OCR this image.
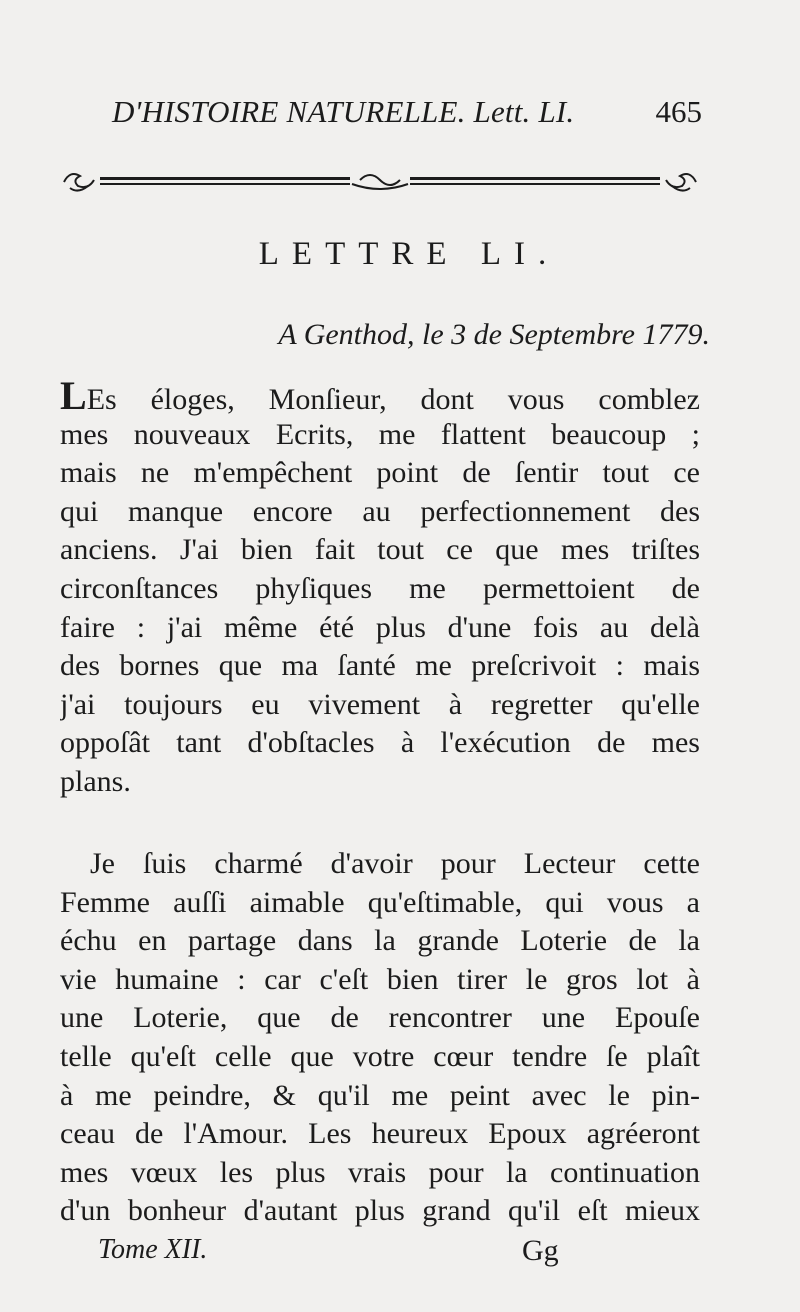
D'HISTOIRE NATURELLE. Lett. LI.	465
LETTRE LI.
A Genthod, le 3 de Septembre 1779.
LEs éloges, Monſieur, dont vous comblez
mes nouveaux Ecrits, me flattent beaucoup ;
mais ne m'empêchent point de ſentir tout ce
qui manque encore au perfectionnement des
anciens. J'ai bien fait tout ce que mes triſtes
circonſtances phyſiques me permettoient de
faire : j'ai même été plus d'une fois au delà
des bornes que ma ſanté me preſcrivoit : mais
j'ai toujours eu vivement à regretter qu'elle
oppoſât tant d'obſtacles à l'exécution de mes
plans.
Je ſuis charmé d'avoir pour Lecteur cette
Femme auſſi aimable qu'eſtimable, qui vous a
échu en partage dans la grande Loterie de la
vie humaine : car c'eſt bien tirer le gros lot à
une Loterie, que de rencontrer une Epouſe
telle qu'eſt celle que votre cœur tendre ſe plaît
à me peindre, & qu'il me peint avec le pin-
ceau de l'Amour. Les heureux Epoux agréeront
mes vœux les plus vrais pour la continuation
d'un bonheur d'autant plus grand qu'il eſt mieux
Tome XII.	Gg
